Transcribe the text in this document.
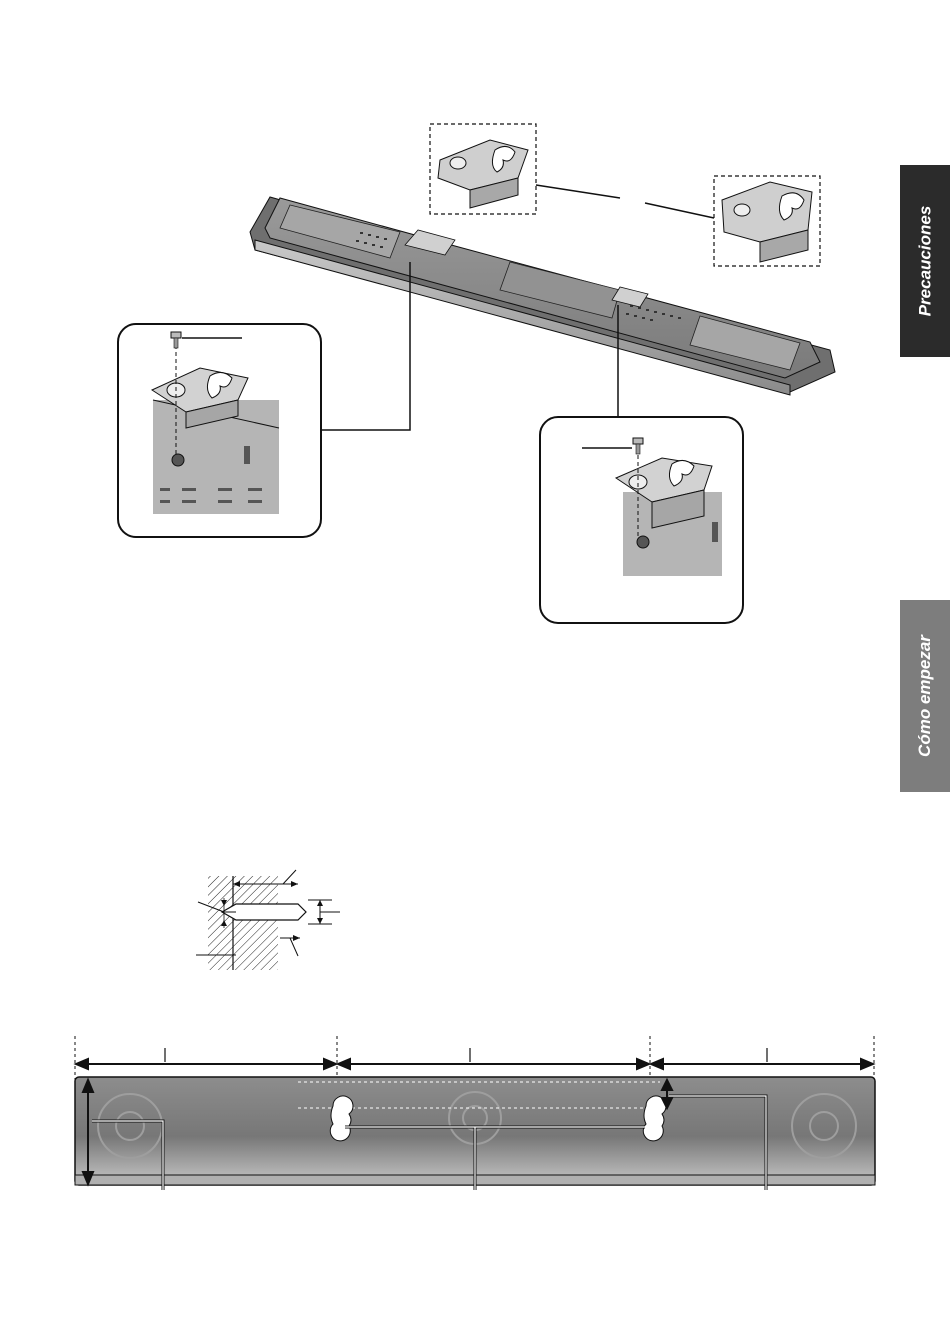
Precauciones
Cómo empezar
